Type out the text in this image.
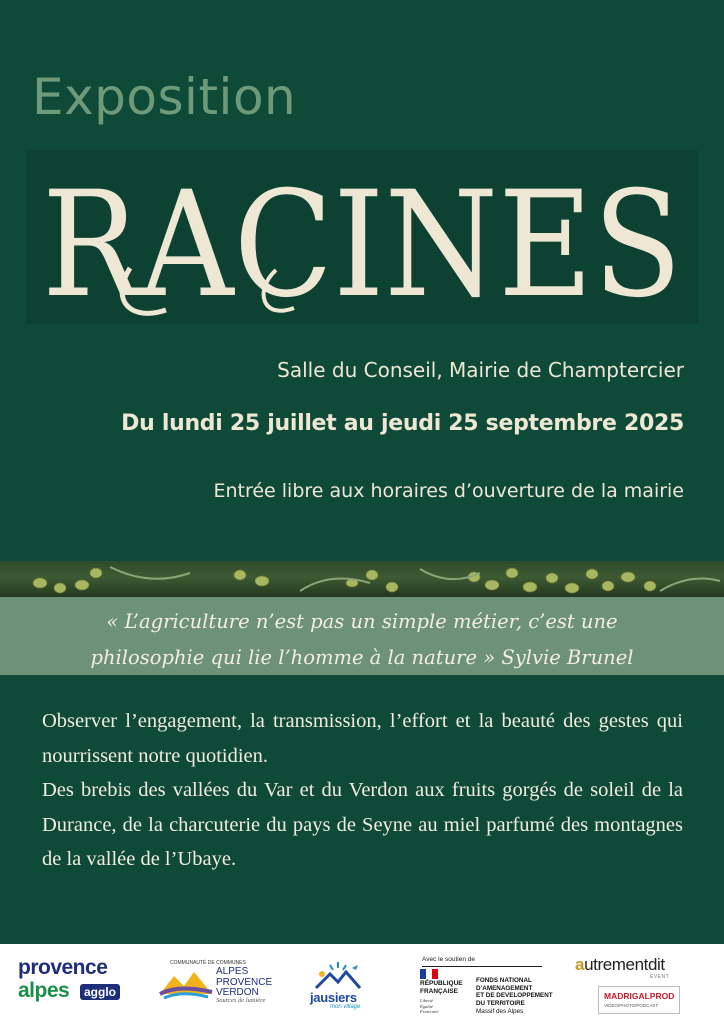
Exposition
RACINES

Salle du Conseil, Mairie de Champtercier

Du lundi 25 juillet au jeudi 25 septembre 2025

Entrée libre aux horaires d’ouverture de la mairie

« L’agriculture n’est pas un simple métier, c’est une
philosophie qui lie l’homme à la nature » Sylvie Brunel

Observer l’engagement, la transmission, l’effort et la beauté des gestes qui nourrissent notre quotidien.

Des brebis des vallées du Var et du Verdon aux fruits gorgés de soleil de la Durance, de la charcuterie du pays de Seyne au miel parfumé des montagnes de la vallée de l’Ubaye.

provence
alpes	agglo
COMMUNAUTÉ DE COMMUNES
ALPES
PROVENCE
VERDON
Sources de lumière	jausiers
mon village
Avec le soutien de
RÉPUBLIQUE
FRANÇAISE
Liberté
Égalité
Fraternité
FONDS NATIONAL
D’AMENAGEMENT
ET DE DEVELOPPEMENT
DU TERRITOIRE
Massif des Alpes
autrementdit
EVENT
MADRIGALPROD
VIDEO/PHOTO/PODCAST
